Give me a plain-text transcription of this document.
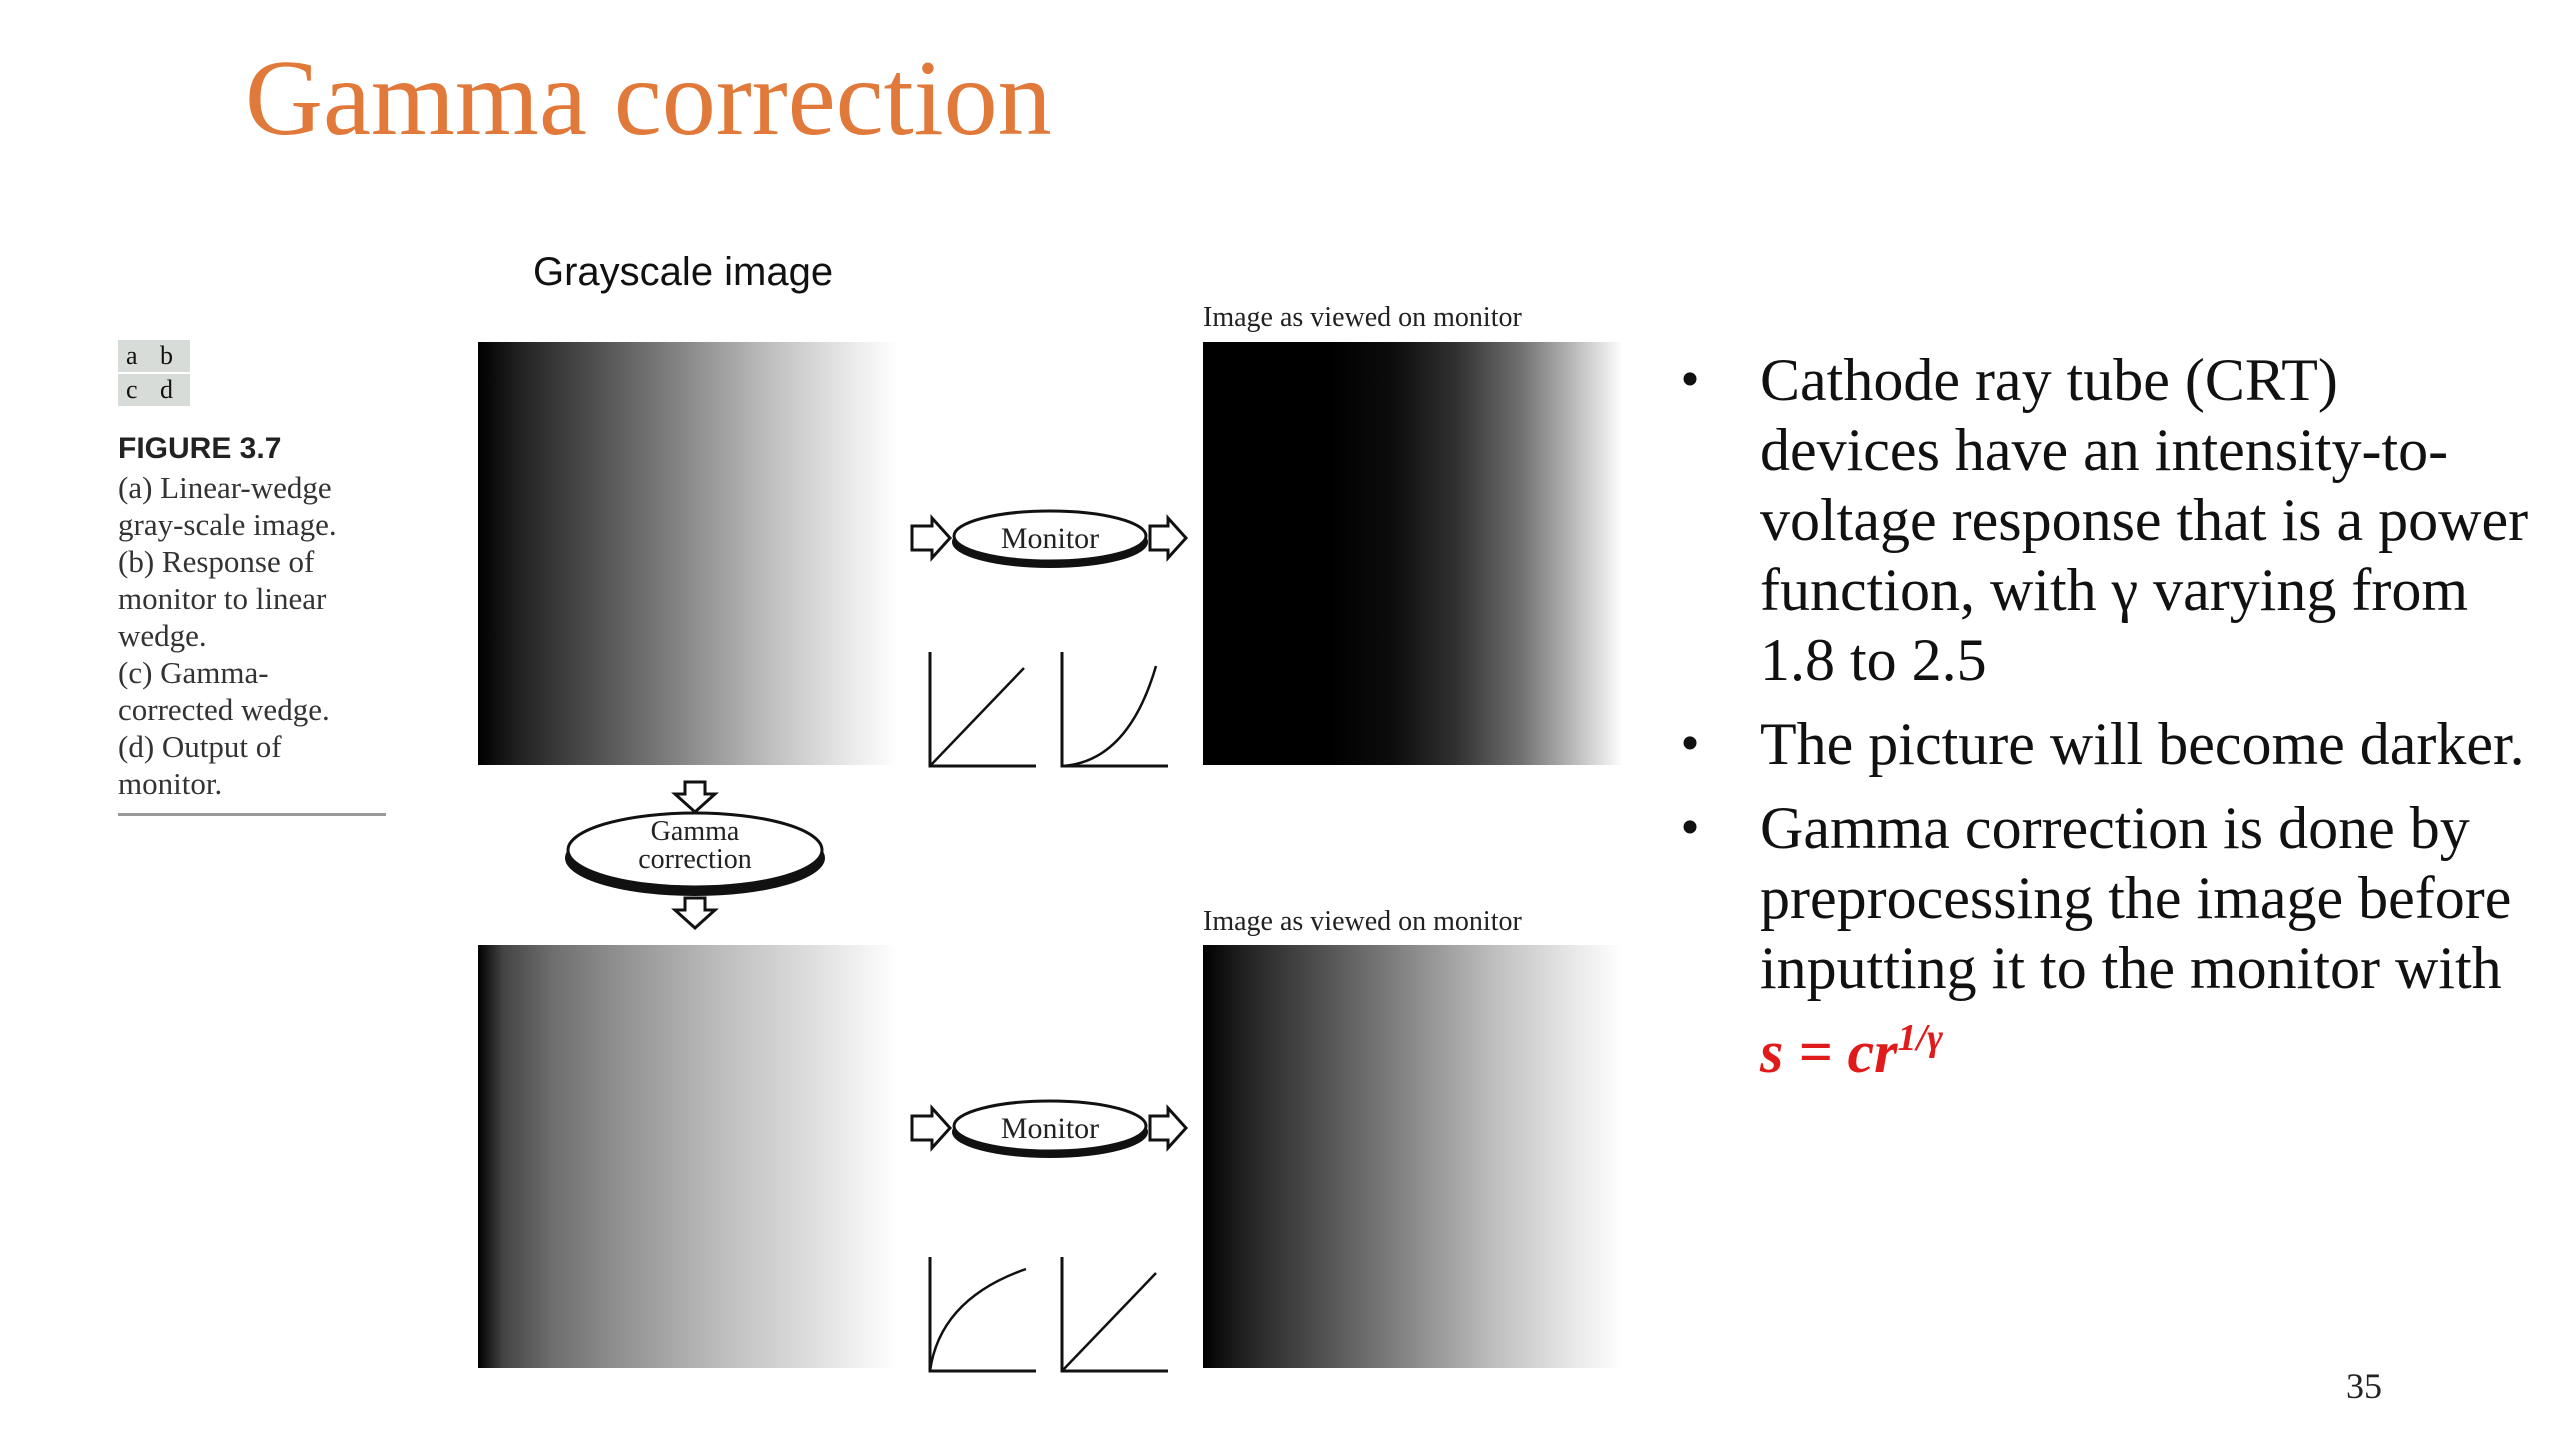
Gamma correction
Grayscale image
a b
c d
FIGURE 3.7
(a) Linear-wedge
gray-scale image.
(b) Response of
monitor to linear
wedge.
(c) Gamma-
corrected wedge.
(d) Output of
monitor.
Image as viewed on monitor
Image as viewed on monitor
Monitor
Monitor
Gamma
correction
• Cathode ray tube (CRT) devices have an intensity-to-voltage response that is a power function, with γ varying from 1.8 to 2.5
• The picture will become darker.
• Gamma correction is done by preprocessing the image before inputting it to the monitor with $s = cr^{1/\gamma}$
35
